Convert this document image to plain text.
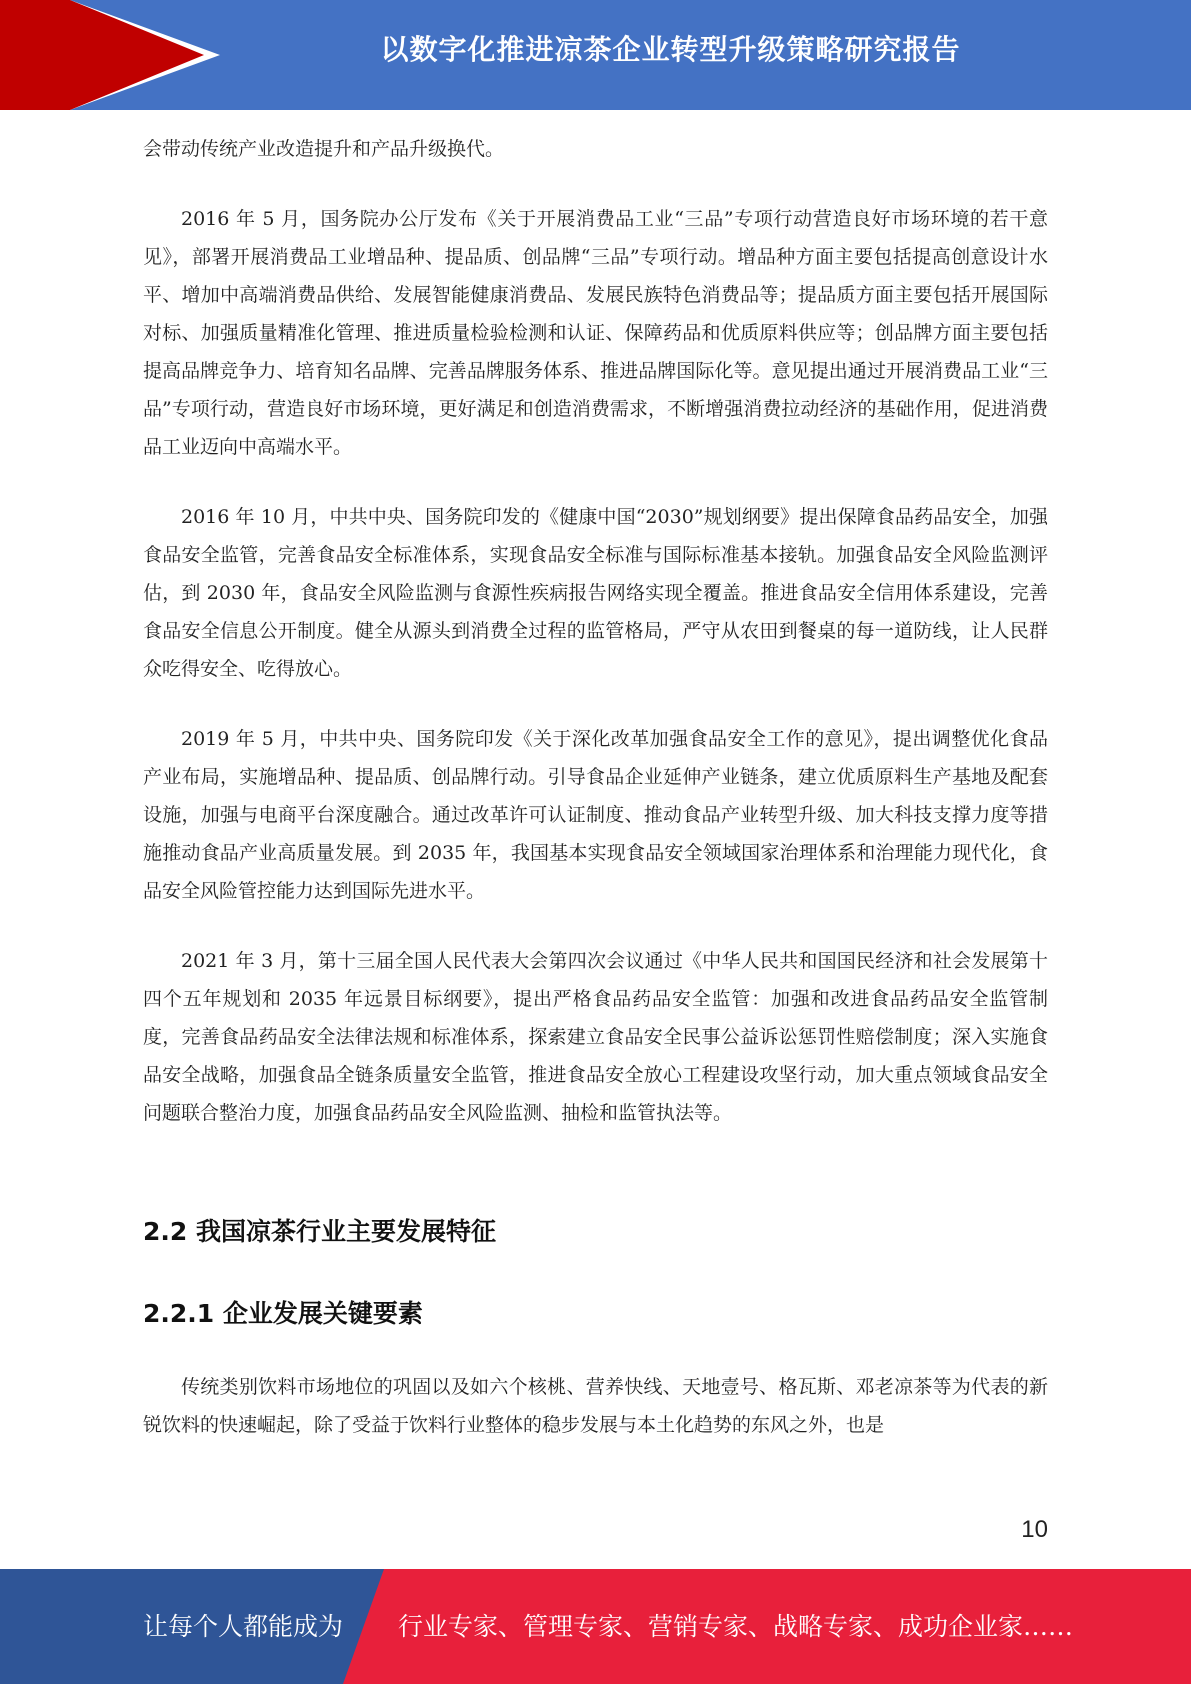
以数字化推进凉茶企业转型升级策略研究报告

会带动传统产业改造提升和产品升级换代。

2016 年 5 月，国务院办公厅发布《关于开展消费品工业“三品”专项行动营造良好市场环境的若干意见》，部署开展消费品工业增品种、提品质、创品牌“三品”专项行动。增品种方面主要包括提高创意设计水平、增加中高端消费品供给、发展智能健康消费品、发展民族特色消费品等；提品质方面主要包括开展国际对标、加强质量精准化管理、推进质量检验检测和认证、保障药品和优质原料供应等；创品牌方面主要包括提高品牌竞争力、培育知名品牌、完善品牌服务体系、推进品牌国际化等。意见提出通过开展消费品工业“三品”专项行动，营造良好市场环境，更好满足和创造消费需求，不断增强消费拉动经济的基础作用，促进消费品工业迈向中高端水平。

2016 年 10 月，中共中央、国务院印发的《健康中国“2030”规划纲要》提出保障食品药品安全，加强食品安全监管，完善食品安全标准体系，实现食品安全标准与国际标准基本接轨。加强食品安全风险监测评估，到 2030 年，食品安全风险监测与食源性疾病报告网络实现全覆盖。推进食品安全信用体系建设，完善食品安全信息公开制度。健全从源头到消费全过程的监管格局，严守从农田到餐桌的每一道防线，让人民群众吃得安全、吃得放心。

2019 年 5 月，中共中央、国务院印发《关于深化改革加强食品安全工作的意见》，提出调整优化食品产业布局，实施增品种、提品质、创品牌行动。引导食品企业延伸产业链条，建立优质原料生产基地及配套设施，加强与电商平台深度融合。通过改革许可认证制度、推动食品产业转型升级、加大科技支撑力度等措施推动食品产业高质量发展。到 2035 年，我国基本实现食品安全领域国家治理体系和治理能力现代化，食品安全风险管控能力达到国际先进水平。

2021 年 3 月，第十三届全国人民代表大会第四次会议通过《中华人民共和国国民经济和社会发展第十四个五年规划和 2035 年远景目标纲要》，提出严格食品药品安全监管：加强和改进食品药品安全监管制度，完善食品药品安全法律法规和标准体系，探索建立食品安全民事公益诉讼惩罚性赔偿制度；深入实施食品安全战略，加强食品全链条质量安全监管，推进食品安全放心工程建设攻坚行动，加大重点领域食品安全问题联合整治力度，加强食品药品安全风险监测、抽检和监管执法等。

2.2 我国凉茶行业主要发展特征
2.2.1 企业发展关键要素

传统类别饮料市场地位的巩固以及如六个核桃、营养快线、天地壹号、格瓦斯、邓老凉茶等为代表的新锐饮料的快速崛起，除了受益于饮料行业整体的稳步发展与本土化趋势的东风之外，也是

10
让每个人都能成为 行业专家、管理专家、营销专家、战略专家、成功企业家……
